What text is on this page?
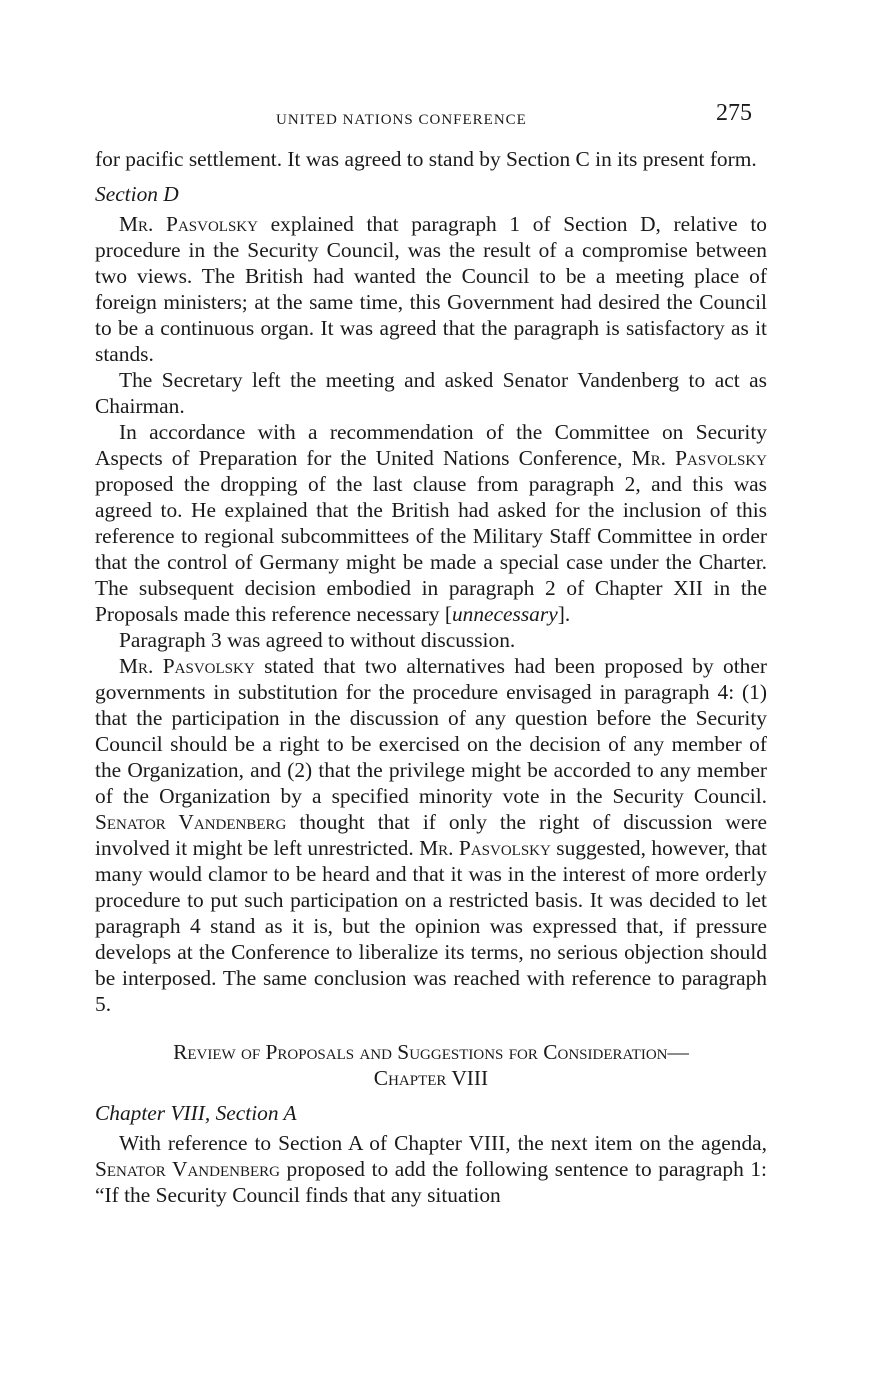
UNITED NATIONS CONFERENCE	275

for pacific settlement. It was agreed to stand by Section C in its present form.

Section D

Mr. Pasvolsky explained that paragraph 1 of Section D, relative to procedure in the Security Council, was the result of a compromise between two views. The British had wanted the Council to be a meeting place of foreign ministers; at the same time, this Government had desired the Council to be a continuous organ. It was agreed that the paragraph is satisfactory as it stands.

The Secretary left the meeting and asked Senator Vandenberg to act as Chairman.

In accordance with a recommendation of the Committee on Security Aspects of Preparation for the United Nations Conference, Mr. Pasvolsky proposed the dropping of the last clause from paragraph 2, and this was agreed to. He explained that the British had asked for the inclusion of this reference to regional subcommittees of the Military Staff Committee in order that the control of Germany might be made a special case under the Charter. The subsequent decision embodied in paragraph 2 of Chapter XII in the Proposals made this reference necessary [unnecessary].

Paragraph 3 was agreed to without discussion.

Mr. Pasvolsky stated that two alternatives had been proposed by other governments in substitution for the procedure envisaged in paragraph 4: (1) that the participation in the discussion of any question before the Security Council should be a right to be exercised on the decision of any member of the Organization, and (2) that the privilege might be accorded to any member of the Organization by a specified minority vote in the Security Council. Senator Vandenberg thought that if only the right of discussion were involved it might be left unrestricted. Mr. Pasvolsky suggested, however, that many would clamor to be heard and that it was in the interest of more orderly procedure to put such participation on a restricted basis. It was decided to let paragraph 4 stand as it is, but the opinion was expressed that, if pressure develops at the Conference to liberalize its terms, no serious objection should be interposed. The same conclusion was reached with reference to paragraph 5.

Review of Proposals and Suggestions for Consideration—
Chapter VIII

Chapter VIII, Section A

With reference to Section A of Chapter VIII, the next item on the agenda, Senator Vandenberg proposed to add the following sentence to paragraph 1: “If the Security Council finds that any situation
